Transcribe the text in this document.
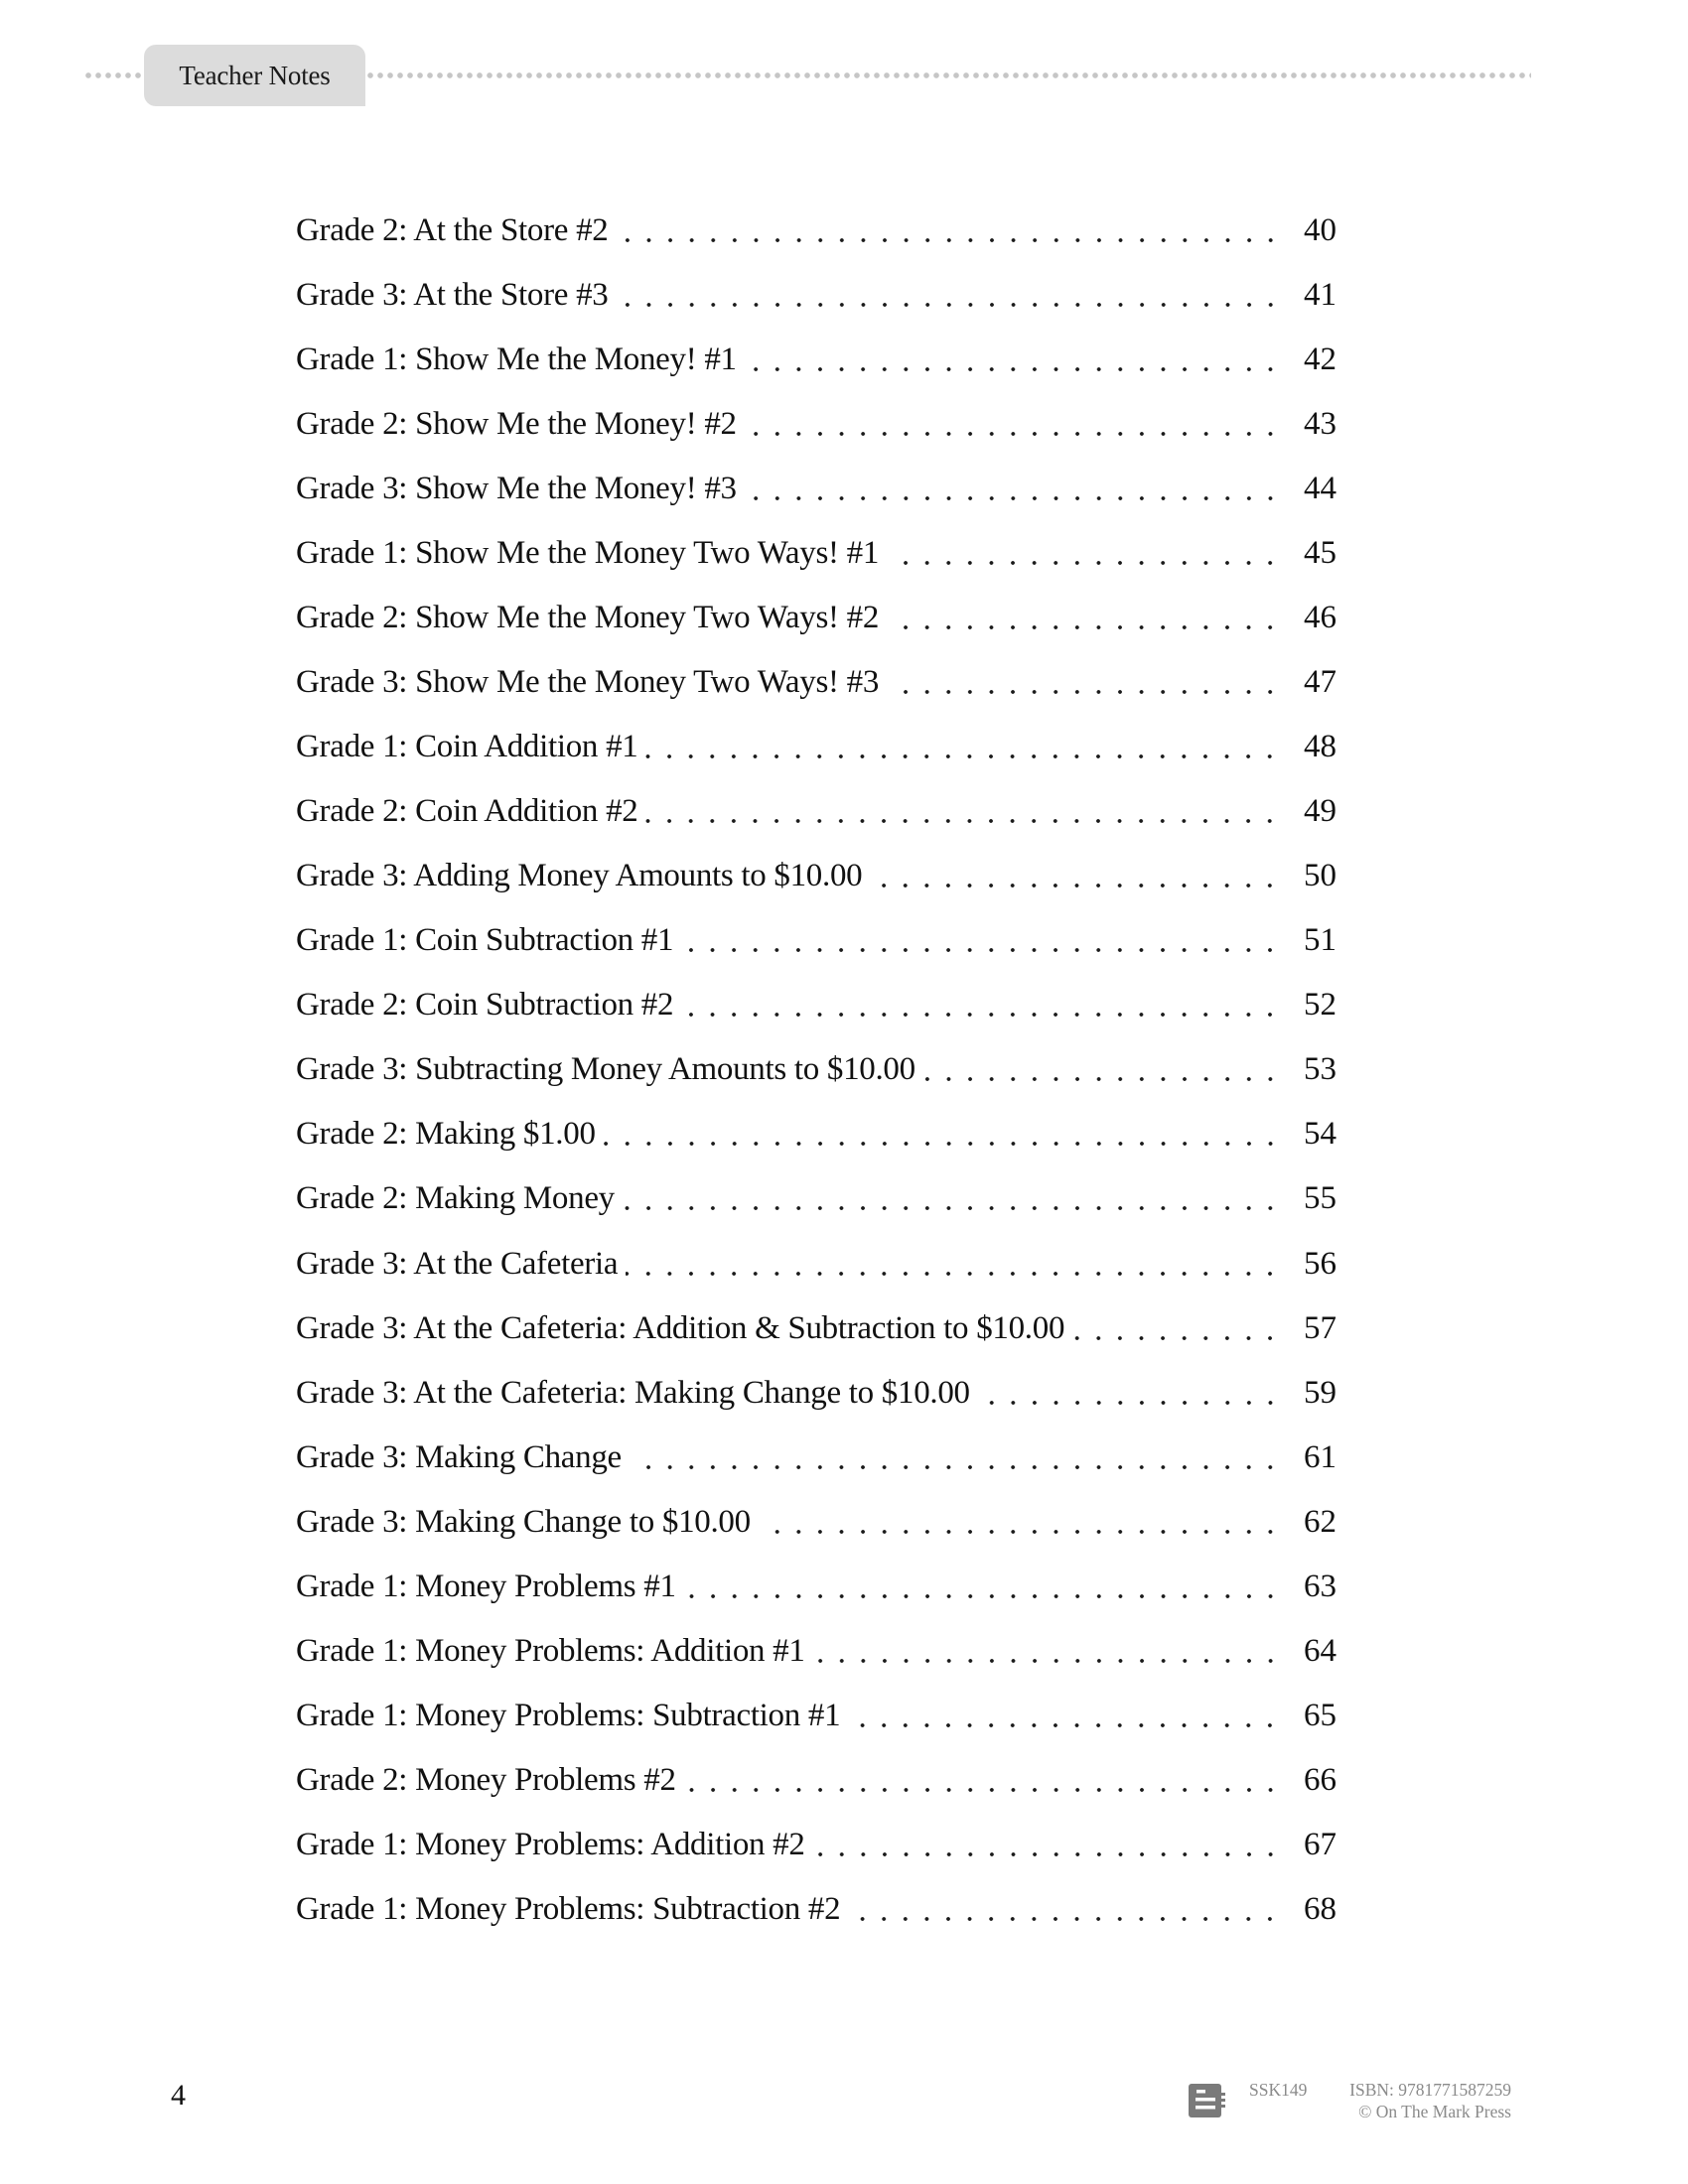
Teacher Notes
Grade 2: At the Store #2	40
Grade 3: At the Store #3	41
Grade 1: Show Me the Money! #1	42
Grade 2: Show Me the Money! #2	43
Grade 3: Show Me the Money! #3	44
Grade 1: Show Me the Money Two Ways! #1	45
Grade 2: Show Me the Money Two Ways! #2	46
Grade 3: Show Me the Money Two Ways! #3	47
Grade 1: Coin Addition #1	48
Grade 2: Coin Addition #2	49
Grade 3: Adding Money Amounts to $10.00	50
Grade 1: Coin Subtraction #1	51
Grade 2: Coin Subtraction #2	52
Grade 3: Subtracting Money Amounts to $10.00	53
Grade 2: Making $1.00	54
Grade 2: Making Money	55
Grade 3: At the Cafeteria	56
Grade 3: At the Cafeteria: Addition & Subtraction to $10.00	57
Grade 3: At the Cafeteria: Making Change to $10.00	59
Grade 3: Making Change	61
Grade 3: Making Change to $10.00	62
Grade 1: Money Problems #1	63
Grade 1: Money Problems: Addition #1	64
Grade 1: Money Problems: Subtraction #1	65
Grade 2: Money Problems #2	66
Grade 1: Money Problems: Addition #2	67
Grade 1: Money Problems: Subtraction #2	68
4	SSK149 ISBN: 9781771587259
© On The Mark Press
